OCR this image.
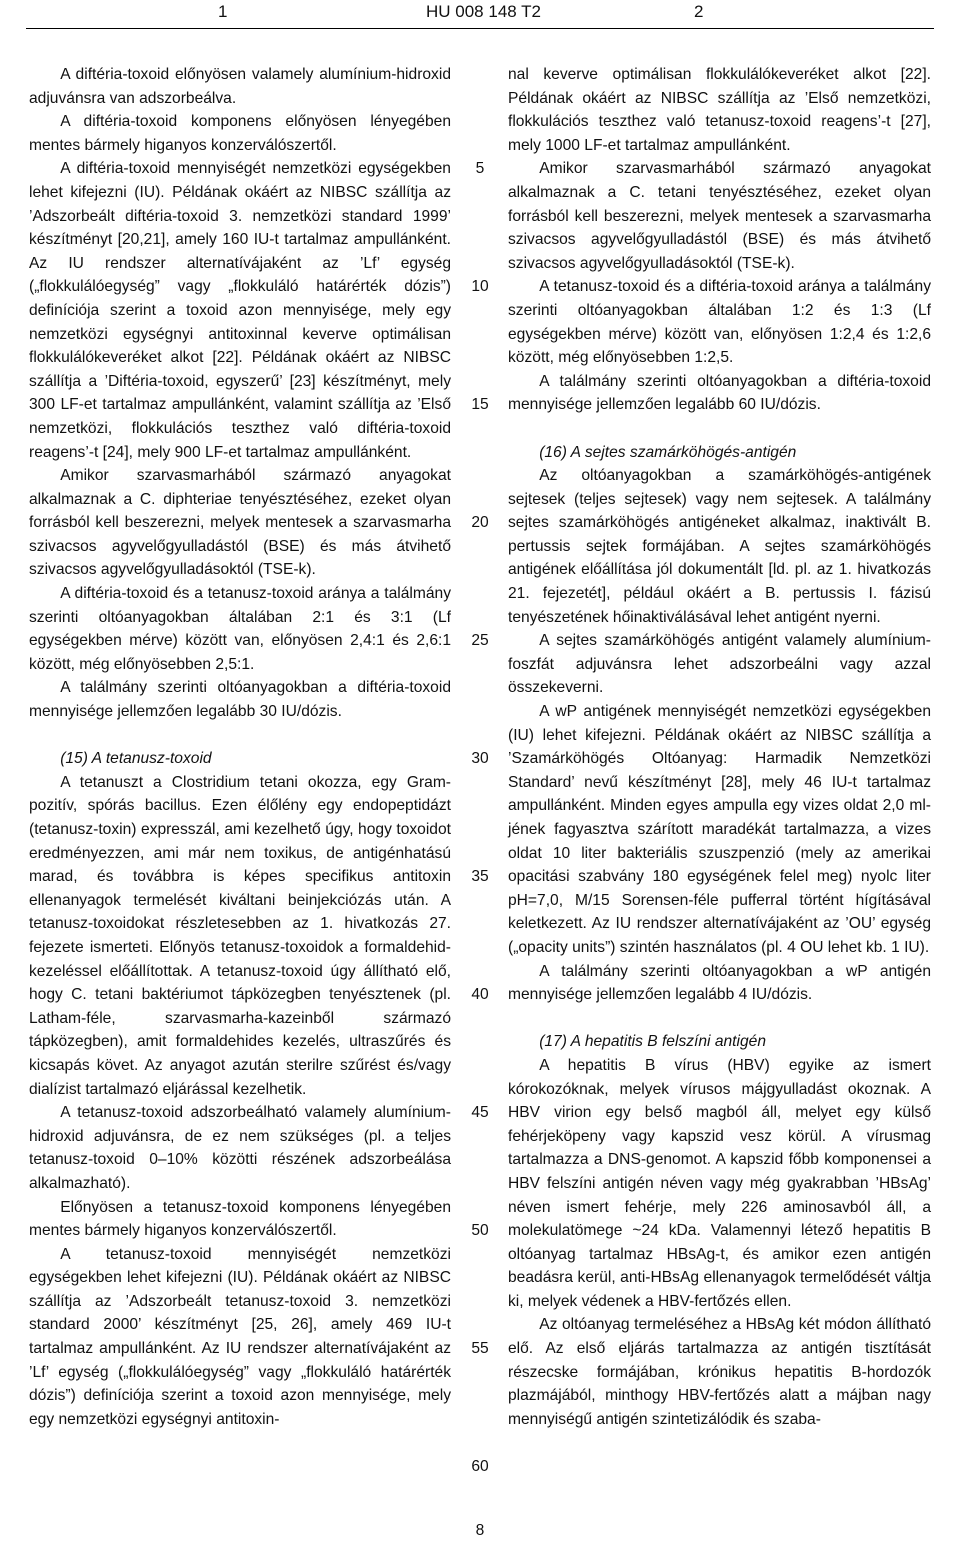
1	HU 008 148 T2	2

A diftéria-toxoid előnyösen valamely alumínium-hidroxid adjuvánsra van adszorbeálva.

A diftéria-toxoid komponens előnyösen lényegében mentes bármely higanyos konzerválószertől.

A diftéria-toxoid mennyiségét nemzetközi egységekben lehet kifejezni (IU). Példának okáért az NIBSC szállítja az ’Adszorbeált diftéria-toxoid 3. nemzetközi standard 1999’ készítményt [20,21], amely 160 IU-t tartalmaz ampullánként. Az IU rendszer alternatívájaként az ’Lf’ egység („flokkulálóegység” vagy „flokkuláló határérték dózis”) definíciója szerint a toxoid azon mennyisége, mely egy nemzetközi egységnyi antitoxinnal keverve optimálisan flokkulálókeveréket alkot [22]. Példának okáért az NIBSC szállítja a ’Diftéria-toxoid, egyszerű’ [23] készítményt, mely 300 LF-et tartalmaz ampullánként, valamint szállítja az ’Első nemzetközi, flokkulációs teszthez való diftéria-toxoid reagens’-t [24], mely 900 LF-et tartalmaz ampullánként.

Amikor szarvasmarhából származó anyagokat alkalmaznak a C. diphteriae tenyésztéséhez, ezeket olyan forrásból kell beszerezni, melyek mentesek a szarvasmarha szivacsos agyvelőgyulladástól (BSE) és más átvihető szivacsos agyvelőgyulladásoktól (TSE-k).

A diftéria-toxoid és a tetanusz-toxoid aránya a találmány szerinti oltóanyagokban általában 2:1 és 3:1 (Lf egységekben mérve) között van, előnyösen 2,4:1 és 2,6:1 között, még előnyösebben 2,5:1.

A találmány szerinti oltóanyagokban a diftéria-toxoid mennyisége jellemzően legalább 30 IU/dózis.

(15) A tetanusz-toxoid

A tetanuszt a Clostridium tetani okozza, egy Gram-pozitív, spórás bacillus. Ezen élőlény egy endopeptidázt (tetanusz-toxin) expresszál, ami kezelhető úgy, hogy toxoidot eredményezzen, ami már nem toxikus, de antigénhatású marad, és továbbra is képes specifikus antitoxin ellenanyagok termelését kiváltani beinjekciózás után. A tetanusz-toxoidokat részletesebben az 1. hivatkozás 27. fejezete ismerteti. Előnyös tetanusz-toxoidok a formaldehid-kezeléssel előállítottak. A tetanusz-toxoid úgy állítható elő, hogy C. tetani baktériumot tápközegben tenyésztenek (pl. Latham-féle, szarvasmarha-kazeinből származó tápközegben), amit formaldehides kezelés, ultraszűrés és kicsapás követ. Az anyagot azután sterilre szűrést és/vagy dialízist tartalmazó eljárással kezelhetik.

A tetanusz-toxoid adszorbeálható valamely alumínium-hidroxid adjuvánsra, de ez nem szükséges (pl. a teljes tetanusz-toxoid 0–10% közötti részének adszorbeálása alkalmazható).

Előnyösen a tetanusz-toxoid komponens lényegében mentes bármely higanyos konzerválószertől.

A tetanusz-toxoid mennyiségét nemzetközi egységekben lehet kifejezni (IU). Példának okáért az NIBSC szállítja az ’Adszorbeált tetanusz-toxoid 3. nemzetközi standard 2000’ készítményt [25, 26], amely 469 IU-t tartalmaz ampullánként. Az IU rendszer alternatívájaként az ’Lf’ egység („flokkulálóegység” vagy „flokkuláló határérték dózis”) definíciója szerint a toxoid azon mennyisége, mely egy nemzetközi egységnyi antitoxin-

5
10
15
20
25
30
35
40
45
50
55
60

nal keverve optimálisan flokkulálókeveréket alkot [22]. Példának okáért az NIBSC szállítja az ’Első nemzetközi, flokkulációs teszthez való tetanusz-toxoid reagens’-t [27], mely 1000 LF-et tartalmaz ampullánként.

Amikor szarvasmarhából származó anyagokat alkalmaznak a C. tetani tenyésztéséhez, ezeket olyan forrásból kell beszerezni, melyek mentesek a szarvasmarha szivacsos agyvelőgyulladástól (BSE) és más átvihető szivacsos agyvelőgyulladásoktól (TSE-k).

A tetanusz-toxoid és a diftéria-toxoid aránya a találmány szerinti oltóanyagokban általában 1:2 és 1:3 (Lf egységekben mérve) között van, előnyösen 1:2,4 és 1:2,6 között, még előnyösebben 1:2,5.

A találmány szerinti oltóanyagokban a diftéria-toxoid mennyisége jellemzően legalább 60 IU/dózis.

(16) A sejtes szamárköhögés-antigén

Az oltóanyagokban a szamárköhögés-antigének sejtesek (teljes sejtesek) vagy nem sejtesek. A találmány sejtes szamárköhögés antigéneket alkalmaz, inaktivált B. pertussis sejtek formájában. A sejtes szamárköhögés antigének előállítása jól dokumentált [ld. pl. az 1. hivatkozás 21. fejezetét], például okáért a B. pertussis I. fázisú tenyészetének hőinaktiválásával lehet antigént nyerni.

A sejtes szamárköhögés antigént valamely alumínium-foszfát adjuvánsra lehet adszorbeálni vagy azzal összekeverni.

A wP antigének mennyiségét nemzetközi egységekben (IU) lehet kifejezni. Példának okáért az NIBSC szállítja a ’Szamárköhögés Oltóanyag: Harmadik Nemzetközi Standard’ nevű készítményt [28], mely 46 IU-t tartalmaz ampullánként. Minden egyes ampulla egy vizes oldat 2,0 ml-jének fagyasztva szárított maradékát tartalmazza, a vizes oldat 10 liter bakteriális szuszpenzió (mely az amerikai opacitási szabvány 180 egységének felel meg) nyolc liter pH=7,0, M/15 Sorensen-féle pufferral történt hígításával keletkezett. Az IU rendszer alternatívájaként az ’OU’ egység („opacity units”) szintén használatos (pl. 4 OU lehet kb. 1 IU).

A találmány szerinti oltóanyagokban a wP antigén mennyisége jellemzően legalább 4 IU/dózis.

(17) A hepatitis B felszíni antigén

A hepatitis B vírus (HBV) egyike az ismert kórokozóknak, melyek vírusos májgyulladást okoznak. A HBV virion egy belső magból áll, melyet egy külső fehérjeköpeny vagy kapszid vesz körül. A vírusmag tartalmazza a DNS-genomot. A kapszid főbb komponensei a HBV felszíni antigén néven vagy még gyakrabban ’HBsAg’ néven ismert fehérje, mely 226 aminosavból áll, a molekulatömege ~24 kDa. Valamennyi létező hepatitis B oltóanyag tartalmaz HBsAg-t, és amikor ezen antigén beadásra kerül, anti-HBsAg ellenanyagok termelődését váltja ki, melyek védenek a HBV-fertőzés ellen.

Az oltóanyag termeléséhez a HBsAg két módon állítható elő. Az első eljárás tartalmazza az antigén tisztítását részecske formájában, krónikus hepatitis B-hordozók plazmájából, minthogy HBV-fertőzés alatt a májban nagy mennyiségű antigén szintetizálódik és szaba-

8
